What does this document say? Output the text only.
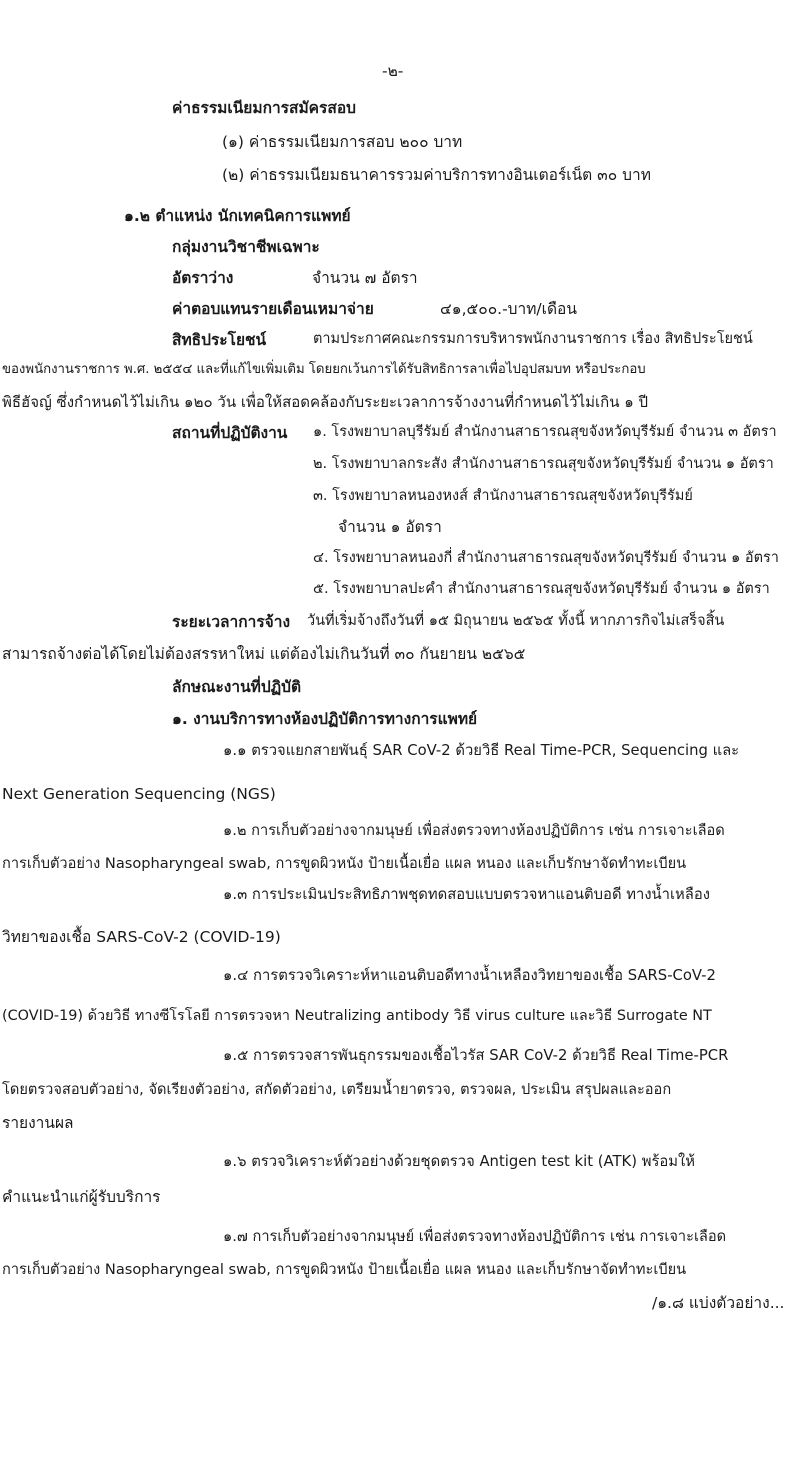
-๒-
ค่าธรรมเนียมการสมัครสอบ
(๑) ค่าธรรมเนียมการสอบ ๒๐๐ บาท
(๒) ค่าธรรมเนียมธนาคารรวมค่าบริการทางอินเตอร์เน็ต ๓๐ บาท
๑.๒ ตำแหน่ง นักเทคนิคการแพทย์
กลุ่มงานวิชาชีพเฉพาะ
อัตราว่าง	จำนวน ๗ อัตรา
ค่าตอบแทนรายเดือนเหมาจ่าย	๔๑,๕๐๐.-บาท/เดือน
สิทธิประโยชน์	ตามประกาศคณะกรรมการบริหารพนักงานราชการ เรื่อง สิทธิประโยชน์
ของพนักงานราชการ พ.ศ. ๒๕๕๔ และที่แก้ไขเพิ่มเติม โดยยกเว้นการได้รับสิทธิการลาเพื่อไปอุปสมบท หรือประกอบ
พิธีฮัจญ์ ซึ่งกำหนดไว้ไม่เกิน ๑๒๐ วัน เพื่อให้สอดคล้องกับระยะเวลาการจ้างงานที่กำหนดไว้ไม่เกิน ๑ ปี
สถานที่ปฏิบัติงาน ๑. โรงพยาบาลบุรีรัมย์ สำนักงานสาธารณสุขจังหวัดบุรีรัมย์ จำนวน ๓ อัตรา
๒. โรงพยาบาลกระสัง สำนักงานสาธารณสุขจังหวัดบุรีรัมย์ จำนวน ๑ อัตรา
๓. โรงพยาบาลหนองหงส์ สำนักงานสาธารณสุขจังหวัดบุรีรัมย์
จำนวน ๑ อัตรา
๔. โรงพยาบาลหนองกี่ สำนักงานสาธารณสุขจังหวัดบุรีรัมย์ จำนวน ๑ อัตรา
๕. โรงพยาบาลปะคำ สำนักงานสาธารณสุขจังหวัดบุรีรัมย์ จำนวน ๑ อัตรา
ระยะเวลาการจ้าง วันที่เริ่มจ้างถึงวันที่ ๑๕ มิถุนายน ๒๕๖๕ ทั้งนี้ หากภารกิจไม่เสร็จสิ้น
สามารถจ้างต่อได้โดยไม่ต้องสรรหาใหม่ แต่ต้องไม่เกินวันที่ ๓๐ กันยายน ๒๕๖๕
ลักษณะงานที่ปฏิบัติ
๑. งานบริการทางห้องปฏิบัติการทางการแพทย์
๑.๑ ตรวจแยกสายพันธุ์ SAR CoV-2 ด้วยวิธี Real Time-PCR, Sequencing และ
Next Generation Sequencing (NGS)
๑.๒ การเก็บตัวอย่างจากมนุษย์ เพื่อส่งตรวจทางห้องปฏิบัติการ เช่น การเจาะเลือด
การเก็บตัวอย่าง Nasopharyngeal swab, การขูดผิวหนัง ป้ายเนื้อเยื่อ แผล หนอง และเก็บรักษาจัดทำทะเบียน
๑.๓ การประเมินประสิทธิภาพชุดทดสอบแบบตรวจหาแอนติบอดี ทางน้ำเหลือง
วิทยาของเชื้อ SARS-CoV-2 (COVID-19)
๑.๔ การตรวจวิเคราะห์หาแอนติบอดีทางน้ำเหลืองวิทยาของเชื้อ SARS-CoV-2
(COVID-19) ด้วยวิธี ทางซีโรโลยี การตรวจหา Neutralizing antibody วิธี virus culture และวิธี Surrogate NT
๑.๕ การตรวจสารพันธุกรรมของเชื้อไวรัส SAR CoV-2 ด้วยวิธี Real Time-PCR
โดยตรวจสอบตัวอย่าง, จัดเรียงตัวอย่าง, สกัดตัวอย่าง, เตรียมน้ำยาตรวจ, ตรวจผล, ประเมิน สรุปผลและออก
รายงานผล
๑.๖ ตรวจวิเคราะห์ตัวอย่างด้วยชุดตรวจ Antigen test kit (ATK) พร้อมให้
คำแนะนำแก่ผู้รับบริการ
๑.๗ การเก็บตัวอย่างจากมนุษย์ เพื่อส่งตรวจทางห้องปฏิบัติการ เช่น การเจาะเลือด
การเก็บตัวอย่าง Nasopharyngeal swab, การขูดผิวหนัง ป้ายเนื้อเยื่อ แผล หนอง และเก็บรักษาจัดทำทะเบียน
/๑.๘ แบ่งตัวอย่าง...
